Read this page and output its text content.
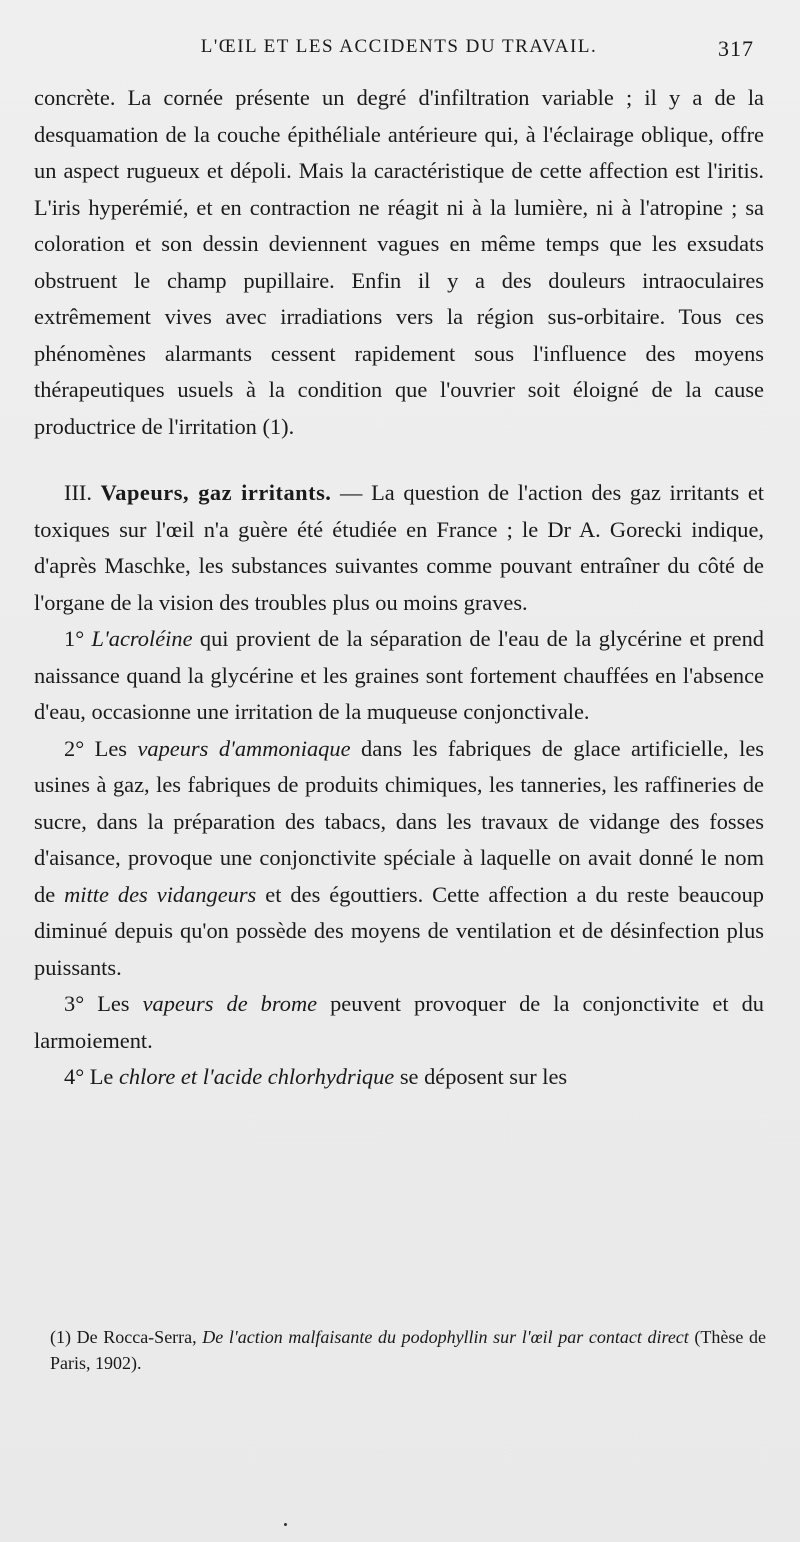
L'ŒIL ET LES ACCIDENTS DU TRAVAIL.	317

concrète. La cornée présente un degré d'infiltration variable ; il y a de la desquamation de la couche épithéliale antérieure qui, à l'éclairage oblique, offre un aspect rugueux et dépoli. Mais la caractéristique de cette affection est l'iritis. L'iris hyperémié, et en contraction ne réagit ni à la lumière, ni à l'atropine ; sa coloration et son dessin deviennent vagues en même temps que les exsudats obstruent le champ pupillaire. Enfin il y a des douleurs intraoculaires extrêmement vives avec irradiations vers la région sus-orbitaire. Tous ces phénomènes alarmants cessent rapidement sous l'influence des moyens thérapeutiques usuels à la condition que l'ouvrier soit éloigné de la cause productrice de l'irritation (1).

III. Vapeurs, gaz irritants. — La question de l'action des gaz irritants et toxiques sur l'œil n'a guère été étudiée en France ; le Dr A. Gorecki indique, d'après Maschke, les substances suivantes comme pouvant entraîner du côté de l'organe de la vision des troubles plus ou moins graves.

1° L'acroléine qui provient de la séparation de l'eau de la glycérine et prend naissance quand la glycérine et les graines sont fortement chauffées en l'absence d'eau, occasionne une irritation de la muqueuse conjonctivale.

2° Les vapeurs d'ammoniaque dans les fabriques de glace artificielle, les usines à gaz, les fabriques de produits chimiques, les tanneries, les raffineries de sucre, dans la préparation des tabacs, dans les travaux de vidange des fosses d'aisance, provoque une conjonctivite spéciale à laquelle on avait donné le nom de mitte des vidangeurs et des égouttiers. Cette affection a du reste beaucoup diminué depuis qu'on possède des moyens de ventilation et de désinfection plus puissants.

3° Les vapeurs de brome peuvent provoquer de la conjonctivite et du larmoiement.

4° Le chlore et l'acide chlorhydrique se déposent sur les

(1) De Rocca-Serra, De l'action malfaisante du podophyllin sur l'œil par contact direct (Thèse de Paris, 1902).
